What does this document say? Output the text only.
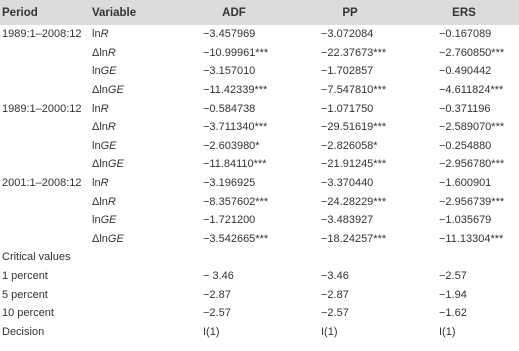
Period	Variable	ADF	PP	ERS
1989:1–2008:12	lnR	−3.457969	−3.072084	−0.167089
	ΔlnR	−10.99961***	−22.37673***	−2.760850***
	lnGE	−3.157010	−1.702857	−0.490442
	ΔlnGE	−11.42339***	−7.547810***	−4.611824***
1989:1–2000:12	lnR	−0.584738	−1.071750	−0.371196
	ΔlnR	−3.711340***	−29.51619***	−2.589070***
	lnGE	−2.603980*	−2.826058*	−0.254880
	ΔlnGE	−11.84110***	−21.91245***	−2.956780***
2001:1–2008:12	lnR	−3.196925	−3.370440	−1.600901
	ΔlnR	−8.357602***	−24.28229***	−2.956739***
	lnGE	−1.721200	−3.483927	−1.035679
	ΔlnGE	−3.542665***	−18.24257***	−11.13304***
Critical values				
1 percent		− 3.46	−3.46	−2.57
5 percent		−2.87	−2.87	−1.94
10 percent		−2.57	−2.57	−1.62
Decision		I(1)	I(1)	I(1)
